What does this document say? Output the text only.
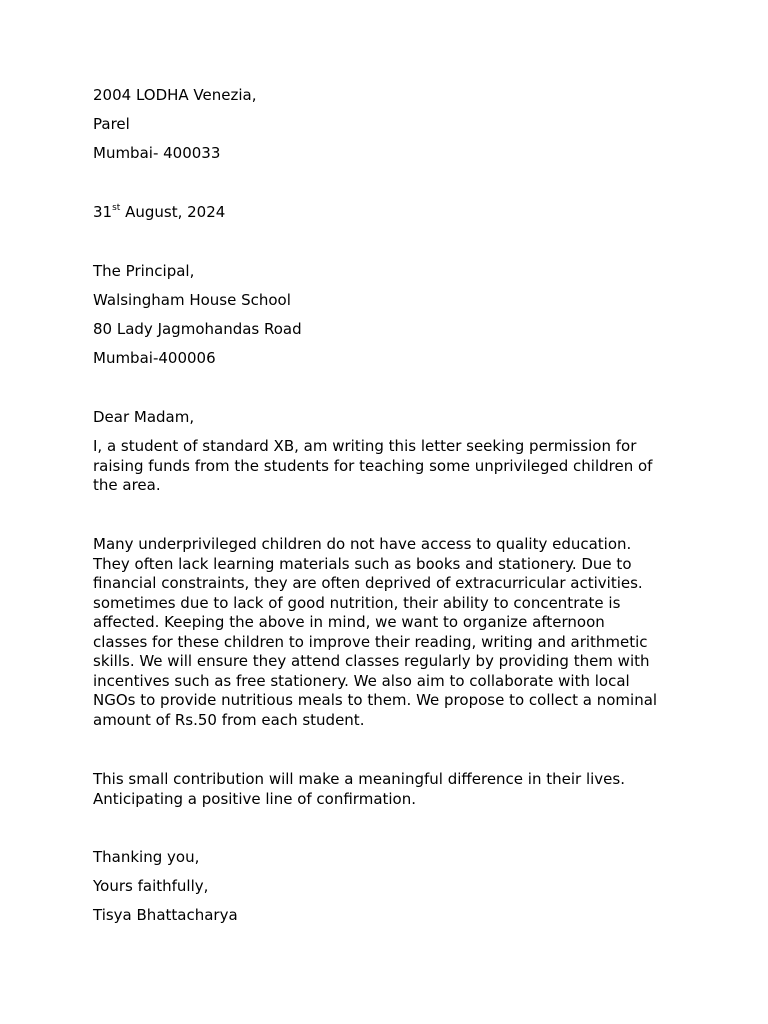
2004 LODHA Venezia,
Parel
Mumbai- 400033
31st August, 2024
The Principal,
Walsingham House School
80 Lady Jagmohandas Road
Mumbai-400006
Dear Madam,
I, a student of standard XB, am writing this letter seeking permission for
raising funds from the students for teaching some unprivileged children of
the area.
Many underprivileged children do not have access to quality education.
They often lack learning materials such as books and stationery. Due to
financial constraints, they are often deprived of extracurricular activities.
sometimes due to lack of good nutrition, their ability to concentrate is
affected. Keeping the above in mind, we want to organize afternoon
classes for these children to improve their reading, writing and arithmetic
skills. We will ensure they attend classes regularly by providing them with
incentives such as free stationery. We also aim to collaborate with local
NGOs to provide nutritious meals to them. We propose to collect a nominal
amount of Rs.50 from each student.
This small contribution will make a meaningful difference in their lives.
Anticipating a positive line of confirmation.
Thanking you,
Yours faithfully,
Tisya Bhattacharya
